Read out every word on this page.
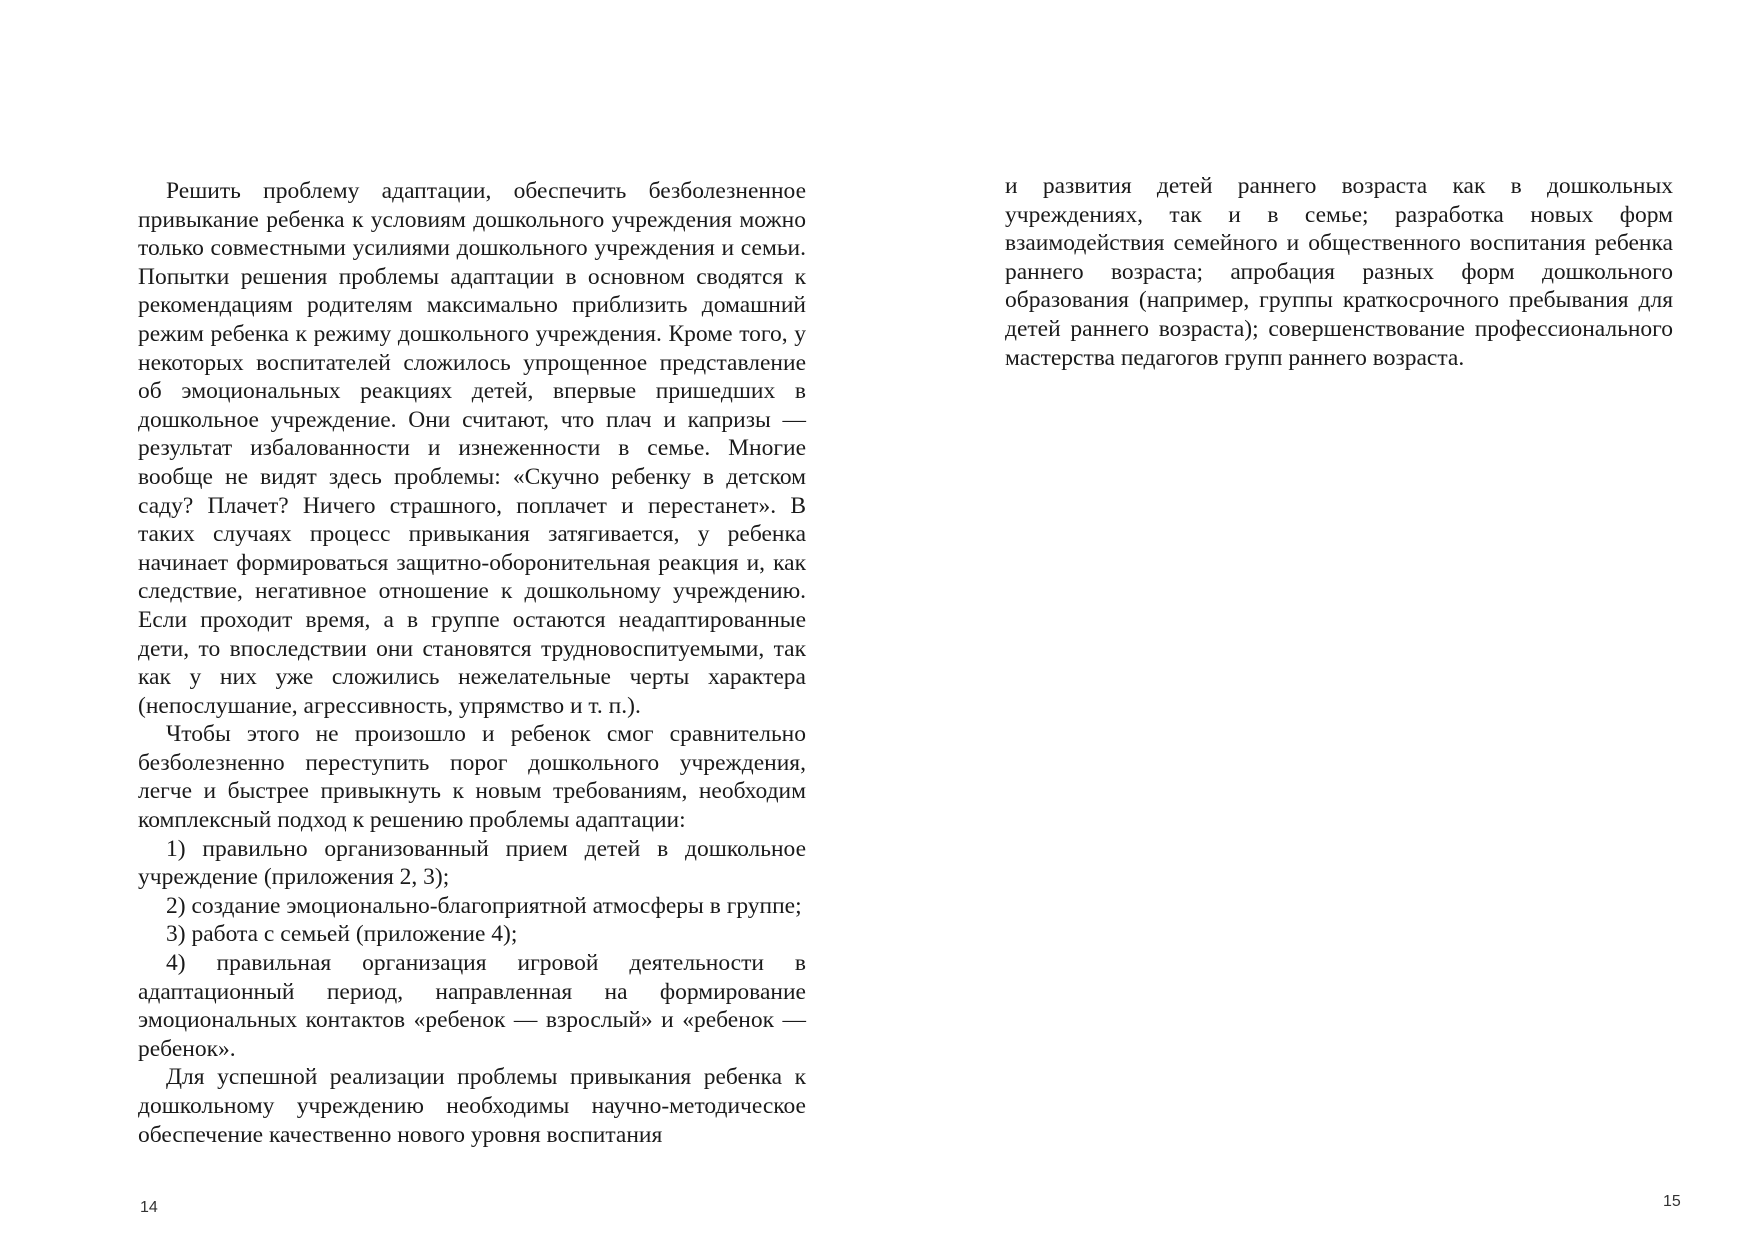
Решить проблему адаптации, обеспечить безболезненное привыкание ребенка к условиям дошкольного учреждения можно только совместными усилиями дошкольного учреждения и семьи. Попытки решения проблемы адаптации в основном сводятся к рекомендациям родителям максимально приблизить домашний режим ребенка к режиму дошкольного учреждения. Кроме того, у некоторых воспитателей сложилось упрощенное представление об эмоциональных реакциях детей, впервые пришедших в дошкольное учреждение. Они считают, что плач и капризы — результат избалованности и изнеженности в семье. Многие вообще не видят здесь проблемы: «Скучно ребенку в детском саду? Плачет? Ничего страшного, поплачет и перестанет». В таких случаях процесс привыкания затягивается, у ребенка начинает формироваться защитно-оборонительная реакция и, как следствие, негативное отношение к дошкольному учреждению. Если проходит время, а в группе остаются неадаптированные дети, то впоследствии они становятся трудновоспитуемыми, так как у них уже сложились нежелательные черты характера (непослушание, агрессивность, упрямство и т. п.).

Чтобы этого не произошло и ребенок смог сравнительно безболезненно переступить порог дошкольного учреждения, легче и быстрее привыкнуть к новым требованиям, необходим комплексный подход к решению проблемы адаптации:

1) правильно организованный прием детей в дошкольное учреждение (приложения 2, 3);

2) создание эмоционально-благоприятной атмосферы в группе;

3) работа с семьей (приложение 4);

4) правильная организация игровой деятельности в адаптационный период, направленная на формирование эмоциональных контактов «ребенок — взрослый» и «ребенок — ребенок».

Для успешной реализации проблемы привыкания ребенка к дошкольному учреждению необходимы научно-методическое обеспечение качественно нового уровня воспитания

14

и развития детей раннего возраста как в дошкольных учреждениях, так и в семье; разработка новых форм взаимодействия семейного и общественного воспитания ребенка раннего возраста; апробация разных форм дошкольного образования (например, группы краткосрочного пребывания для детей раннего возраста); совершенствование профессионального мастерства педагогов групп раннего возраста.

15
